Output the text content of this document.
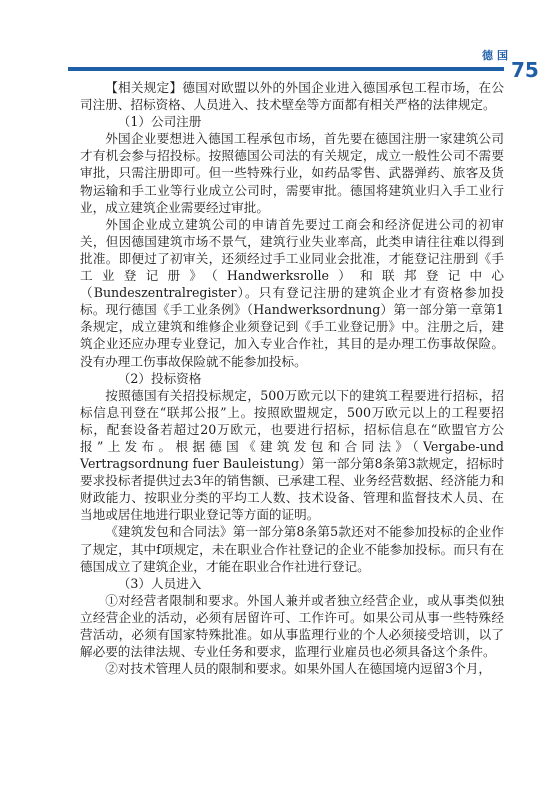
德国
75

【相关规定】德国对欧盟以外的外国企业进入德国承包工程市场，在公司注册、招标资格、人员进入、技术壁垒等方面都有相关严格的法律规定。

（1）公司注册

外国企业要想进入德国工程承包市场，首先要在德国注册一家建筑公司才有机会参与招投标。按照德国公司法的有关规定，成立一般性公司不需要审批，只需注册即可。但一些特殊行业，如药品零售、武器弹药、旅客及货物运输和手工业等行业成立公司时，需要审批。德国将建筑业归入手工业行业，成立建筑企业需要经过审批。

外国企业成立建筑公司的申请首先要过工商会和经济促进公司的初审关，但因德国建筑市场不景气，建筑行业失业率高，此类申请往往难以得到批准。即便过了初审关，还须经过手工业同业会批准，才能登记注册到《手工业登记册》（Handwerksrolle）和联邦登记中心（Bundeszentralregister）。只有登记注册的建筑企业才有资格参加投标。现行德国《手工业条例》（Handwerksordnung）第一部分第一章第1条规定，成立建筑和维修企业须登记到《手工业登记册》中。注册之后，建筑企业还应办理专业登记，加入专业合作社，其目的是办理工伤事故保险。没有办理工伤事故保险就不能参加投标。

（2）投标资格

按照德国有关招投标规定，500万欧元以下的建筑工程要进行招标，招标信息刊登在“联邦公报”上。按照欧盟规定，500万欧元以上的工程要招标，配套设备若超过20万欧元，也要进行招标，招标信息在“欧盟官方公报”上发布。根据德国《建筑发包和合同法》（Vergabe-und Vertragsordnung fuer Bauleistung）第一部分第8条第3款规定，招标时要求投标者提供过去3年的销售额、已承建工程、业务经营数据、经济能力和财政能力、按职业分类的平均工人数、技术设备、管理和监督技术人员、在当地或居住地进行职业登记等方面的证明。

《建筑发包和合同法》第一部分第8条第5款还对不能参加投标的企业作了规定，其中f项规定，未在职业合作社登记的企业不能参加投标。而只有在德国成立了建筑企业，才能在职业合作社进行登记。

（3）人员进入

①对经营者限制和要求。外国人兼并或者独立经营企业，或从事类似独立经营企业的活动，必须有居留许可、工作许可。如果公司从事一些特殊经营活动，必须有国家特殊批准。如从事监理行业的个人必须接受培训，以了解必要的法律法规、专业任务和要求，监理行业雇员也必须具备这个条件。

②对技术管理人员的限制和要求。如果外国人在德国境内逗留3个月，
